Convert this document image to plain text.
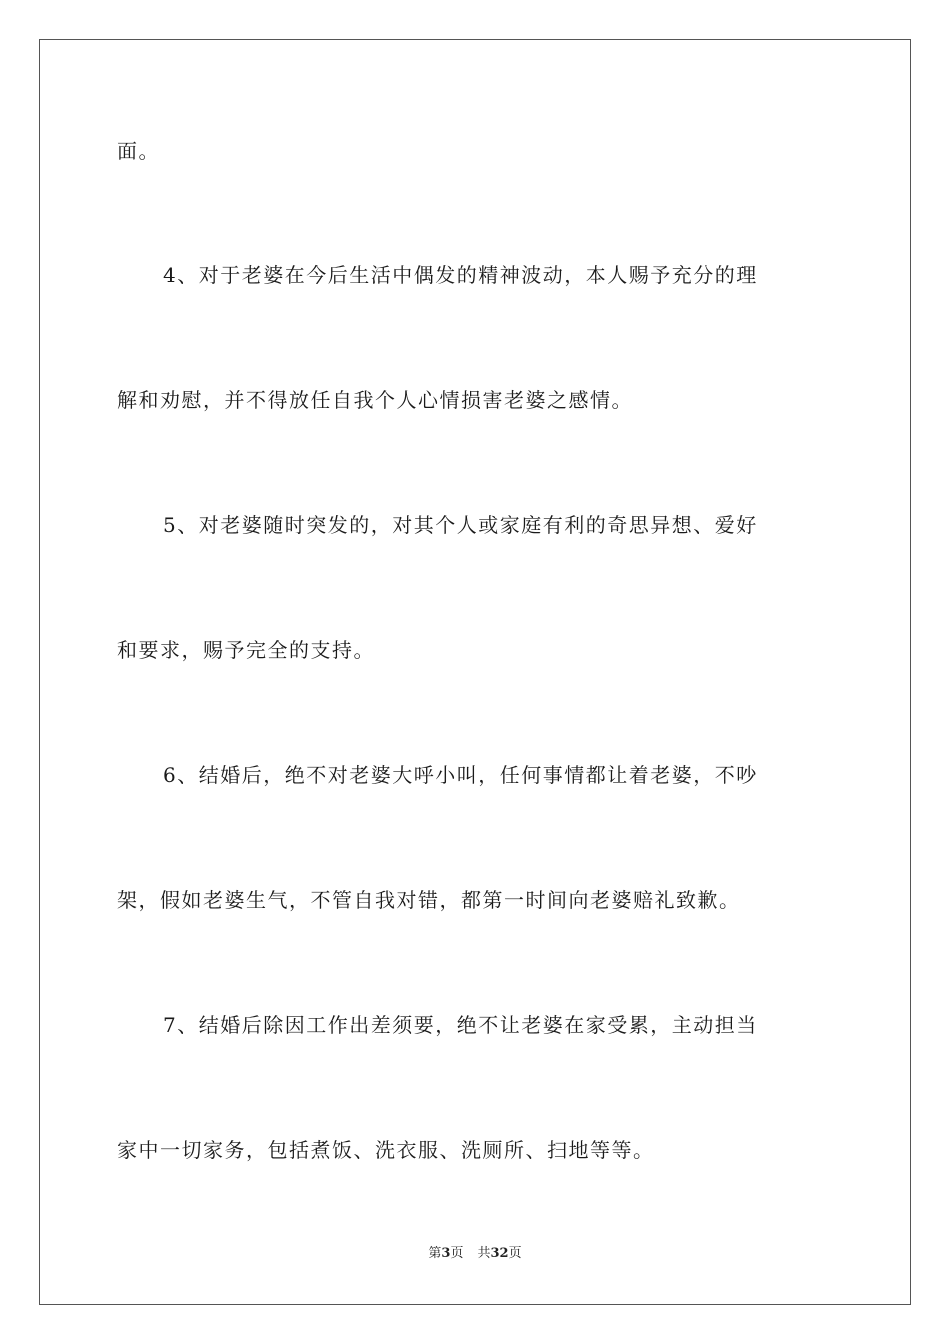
面。
4、对于老婆在今后生活中偶发的精神波动，本人赐予充分的理
解和劝慰，并不得放任自我个人心情损害老婆之感情。
5、对老婆随时突发的，对其个人或家庭有利的奇思异想、爱好
和要求，赐予完全的支持。
6、结婚后，绝不对老婆大呼小叫，任何事情都让着老婆，不吵
架，假如老婆生气，不管自我对错，都第一时间向老婆赔礼致歉。
7、结婚后除因工作出差须要，绝不让老婆在家受累，主动担当
家中一切家务，包括煮饭、洗衣服、洗厕所、扫地等等。
第3页 共32页
